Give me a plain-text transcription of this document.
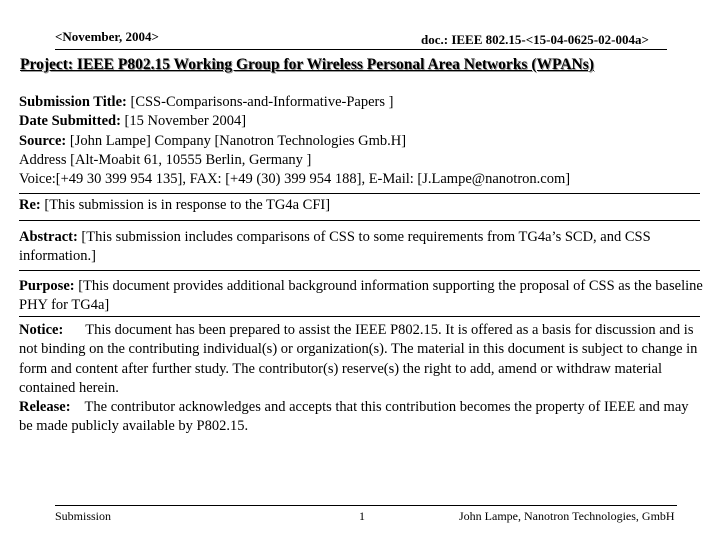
<November, 2004>	doc.: IEEE 802.15-<15-04-0625-02-004a>
Project: IEEE P802.15 Working Group for Wireless Personal Area Networks (WPANs)
Submission Title: [CSS-Comparisons-and-Informative-Papers ]
Date Submitted: [15 November 2004]
Source: [John Lampe] Company [Nanotron Technologies Gmb.H]
Address [Alt-Moabit 61, 10555 Berlin, Germany ]
Voice:[+49 30 399 954 135], FAX: [+49 (30) 399 954 188], E-Mail: [J.Lampe@nanotron.com]
Re: [This submission is in response to the TG4a CFI]
Abstract: [This submission includes comparisons of CSS to some requirements from TG4a’s SCD, and CSS information.]
Purpose: [This document provides additional background information supporting the proposal of CSS as the baseline PHY for TG4a]
Notice: This document has been prepared to assist the IEEE P802.15. It is offered as a basis for discussion and is not binding on the contributing individual(s) or organization(s). The material in this document is subject to change in form and content after further study. The contributor(s) reserve(s) the right to add, amend or withdraw material contained herein.
Release: The contributor acknowledges and accepts that this contribution becomes the property of IEEE and may be made publicly available by P802.15.
Submission	1	John Lampe, Nanotron Technologies, GmbH
